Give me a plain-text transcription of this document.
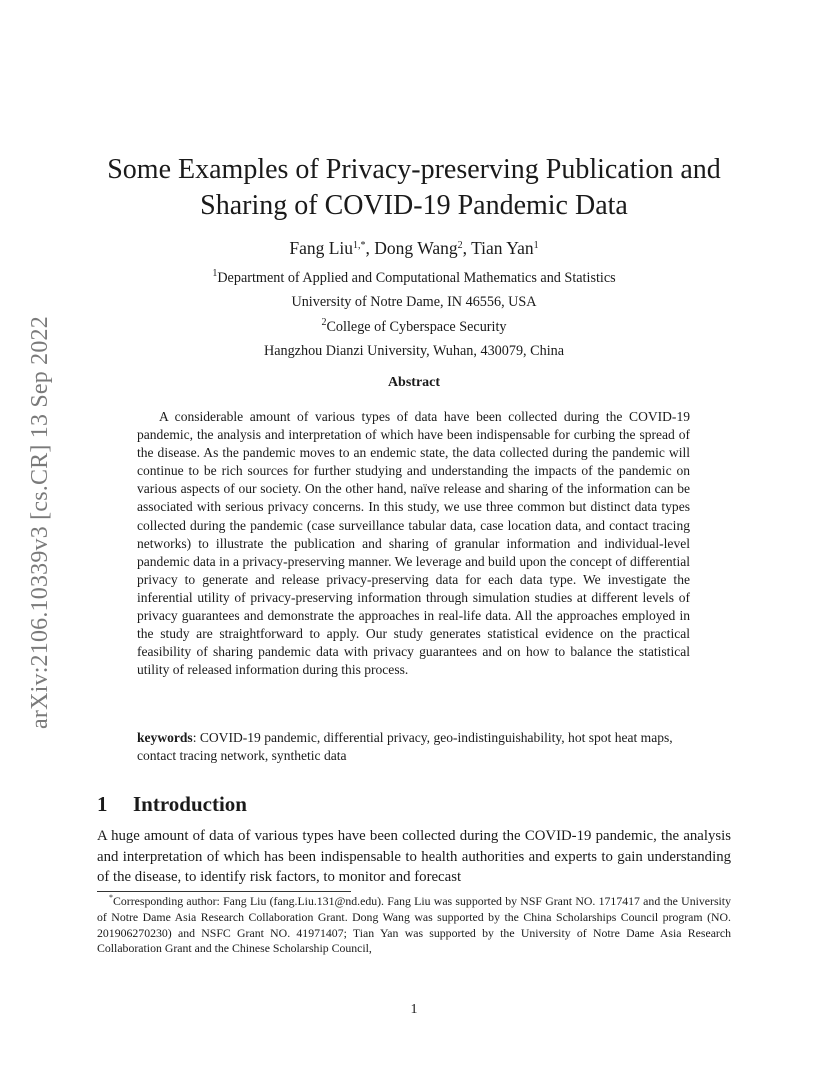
arXiv:2106.10339v3 [cs.CR] 13 Sep 2022
Some Examples of Privacy-preserving Publication and Sharing of COVID-19 Pandemic Data
Fang Liu$^{1,*}$, Dong Wang$^2$, Tian Yan$^1$
$^1$Department of Applied and Computational Mathematics and Statistics
University of Notre Dame, IN 46556, USA
$^2$College of Cyberspace Security
Hangzhou Dianzi University, Wuhan, 430079, China
Abstract

A considerable amount of various types of data have been collected during the COVID-19 pandemic, the analysis and interpretation of which have been indispensable for curbing the spread of the disease. As the pandemic moves to an endemic state, the data collected during the pandemic will continue to be rich sources for further studying and understanding the impacts of the pandemic on various aspects of our society. On the other hand, naïve release and sharing of the information can be associated with serious privacy concerns. In this study, we use three common but distinct data types collected during the pandemic (case surveillance tabular data, case location data, and contact tracing networks) to illustrate the publication and sharing of granular information and individual-level pandemic data in a privacy-preserving manner. We leverage and build upon the concept of differential privacy to generate and release privacy-preserving data for each data type. We investigate the inferential utility of privacy-preserving information through simulation studies at different levels of privacy guarantees and demonstrate the approaches in real-life data. All the approaches employed in the study are straightforward to apply. Our study generates statistical evidence on the practical feasibility of sharing pandemic data with privacy guarantees and on how to balance the statistical utility of released information during this process.

keywords: COVID-19 pandemic, differential privacy, geo-indistinguishability, hot spot heat maps, contact tracing network, synthetic data

1 Introduction

A huge amount of data of various types have been collected during the COVID-19 pandemic, the analysis and interpretation of which has been indispensable to health authorities and experts to gain understanding of the disease, to identify risk factors, to monitor and forecast

*Corresponding author: Fang Liu (fang.Liu.131@nd.edu). Fang Liu was supported by NSF Grant NO. 1717417 and the University of Notre Dame Asia Research Collaboration Grant. Dong Wang was supported by the China Scholarships Council program (NO. 201906270230) and NSFC Grant NO. 41971407; Tian Yan was supported by the University of Notre Dame Asia Research Collaboration Grant and the Chinese Scholarship Council,

1
